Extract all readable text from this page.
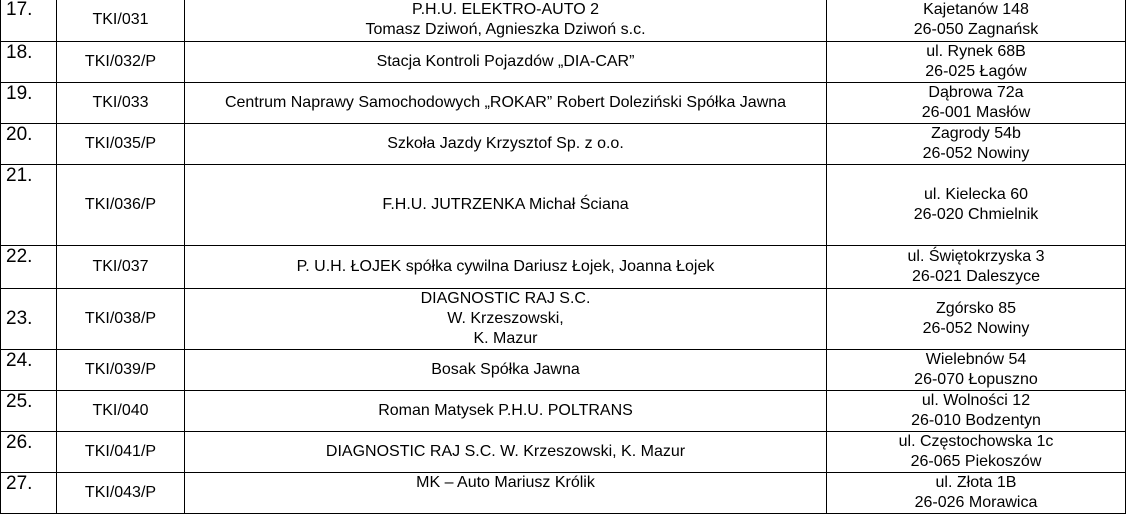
17.	TKI/031	P.H.U. ELEKTRO-AUTO 2
Tomasz Dziwoń, Agnieszka Dziwoń s.c.	Kajetanów 148
26-050 Zagnańsk

18.	TKI/032/P	Stacja Kontroli Pojazdów „DIA-CAR”	ul. Rynek 68B
26-025 Łagów

19.	TKI/033	Centrum Naprawy Samochodowych „ROKAR” Robert Doleziński Spółka Jawna	Dąbrowa 72a
26-001 Masłów

20.	TKI/035/P	Szkoła Jazdy Krzysztof Sp. z o.o.	Zagrody 54b
26-052 Nowiny

21.	TKI/036/P	F.H.U. JUTRZENKA Michał Ściana	ul. Kielecka 60
26-020 Chmielnik

22.	TKI/037	P. U.H. ŁOJEK spółka cywilna Dariusz Łojek, Joanna Łojek	ul. Świętokrzyska 3
26-021 Daleszyce

23.	TKI/038/P	DIAGNOSTIC RAJ S.C.
W. Krzeszowski,
K. Mazur	Zgórsko 85
26-052 Nowiny

24.	TKI/039/P	Bosak Spółka Jawna	Wielebnów 54
26-070 Łopuszno

25.	TKI/040	Roman Matysek P.H.U. POLTRANS	ul. Wolności 12
26-010 Bodzentyn

26.	TKI/041/P	DIAGNOSTIC RAJ S.C. W. Krzeszowski, K. Mazur	ul. Częstochowska 1c
26-065 Piekoszów

27.	TKI/043/P	MK – Auto Mariusz Królik	ul. Złota 1B
26-026 Morawica
